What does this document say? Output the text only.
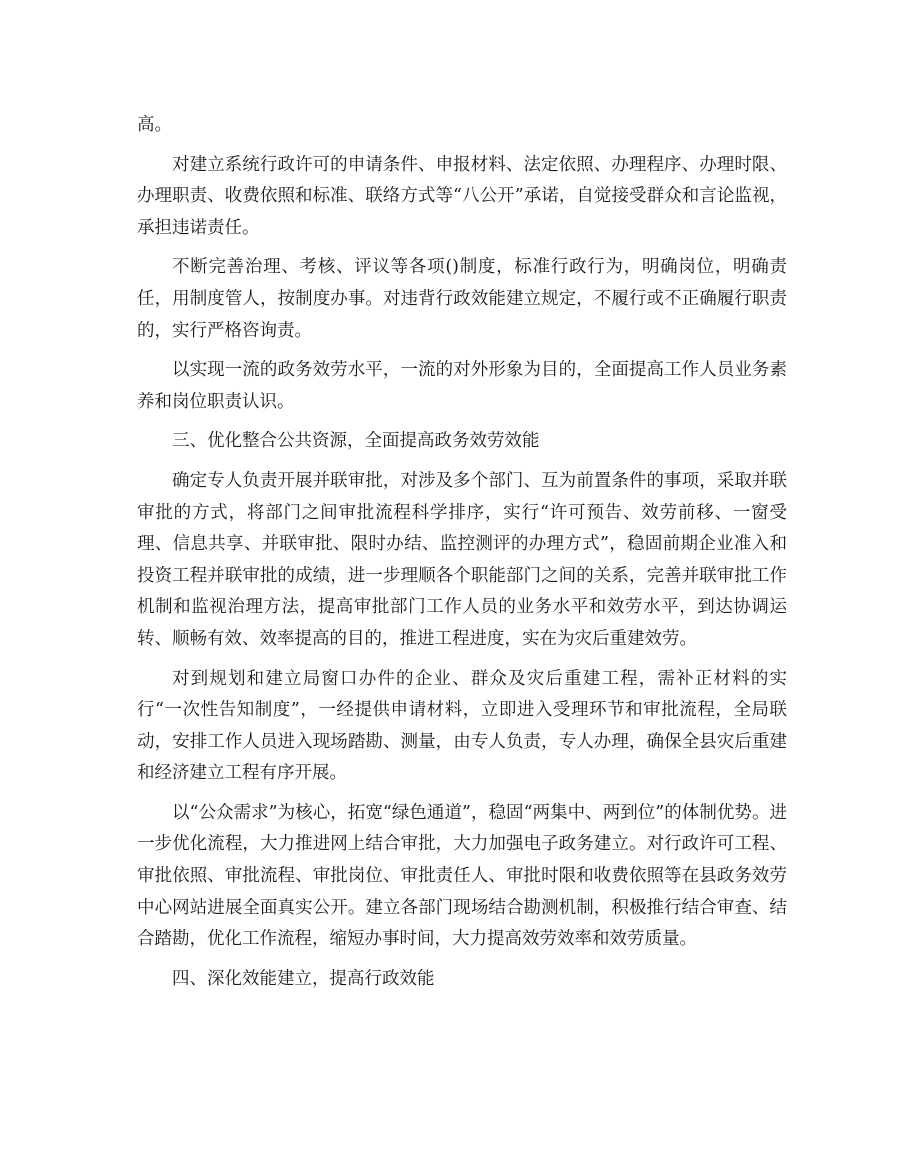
高。

对建立系统行政许可的申请条件、申报材料、法定依照、办理程序、办理时限、办理职责、收费依照和标准、联络方式等“八公开”承诺，自觉接受群众和言论监视，承担违诺责任。

不断完善治理、考核、评议等各项()制度，标准行政行为，明确岗位，明确责任，用制度管人，按制度办事。对违背行政效能建立规定，不履行或不正确履行职责的，实行严格咨询责。

以实现一流的政务效劳水平，一流的对外形象为目的，全面提高工作人员业务素养和岗位职责认识。

三、优化整合公共资源，全面提高政务效劳效能

确定专人负责开展并联审批，对涉及多个部门、互为前置条件的事项，采取并联审批的方式，将部门之间审批流程科学排序，实行“许可预告、效劳前移、一窗受理、信息共享、并联审批、限时办结、监控测评的办理方式”，稳固前期企业准入和投资工程并联审批的成绩，进一步理顺各个职能部门之间的关系，完善并联审批工作机制和监视治理方法，提高审批部门工作人员的业务水平和效劳水平，到达协调运转、顺畅有效、效率提高的目的，推进工程进度，实在为灾后重建效劳。

对到规划和建立局窗口办件的企业、群众及灾后重建工程，需补正材料的实行“一次性告知制度”，一经提供申请材料，立即进入受理环节和审批流程，全局联动，安排工作人员进入现场踏勘、测量，由专人负责，专人办理，确保全县灾后重建和经济建立工程有序开展。

以“公众需求”为核心，拓宽“绿色通道”，稳固“两集中、两到位”的体制优势。进一步优化流程，大力推进网上结合审批，大力加强电子政务建立。对行政许可工程、审批依照、审批流程、审批岗位、审批责任人、审批时限和收费依照等在县政务效劳中心网站进展全面真实公开。建立各部门现场结合勘测机制，积极推行结合审查、结合踏勘，优化工作流程，缩短办事时间，大力提高效劳效率和效劳质量。

四、深化效能建立，提高行政效能
